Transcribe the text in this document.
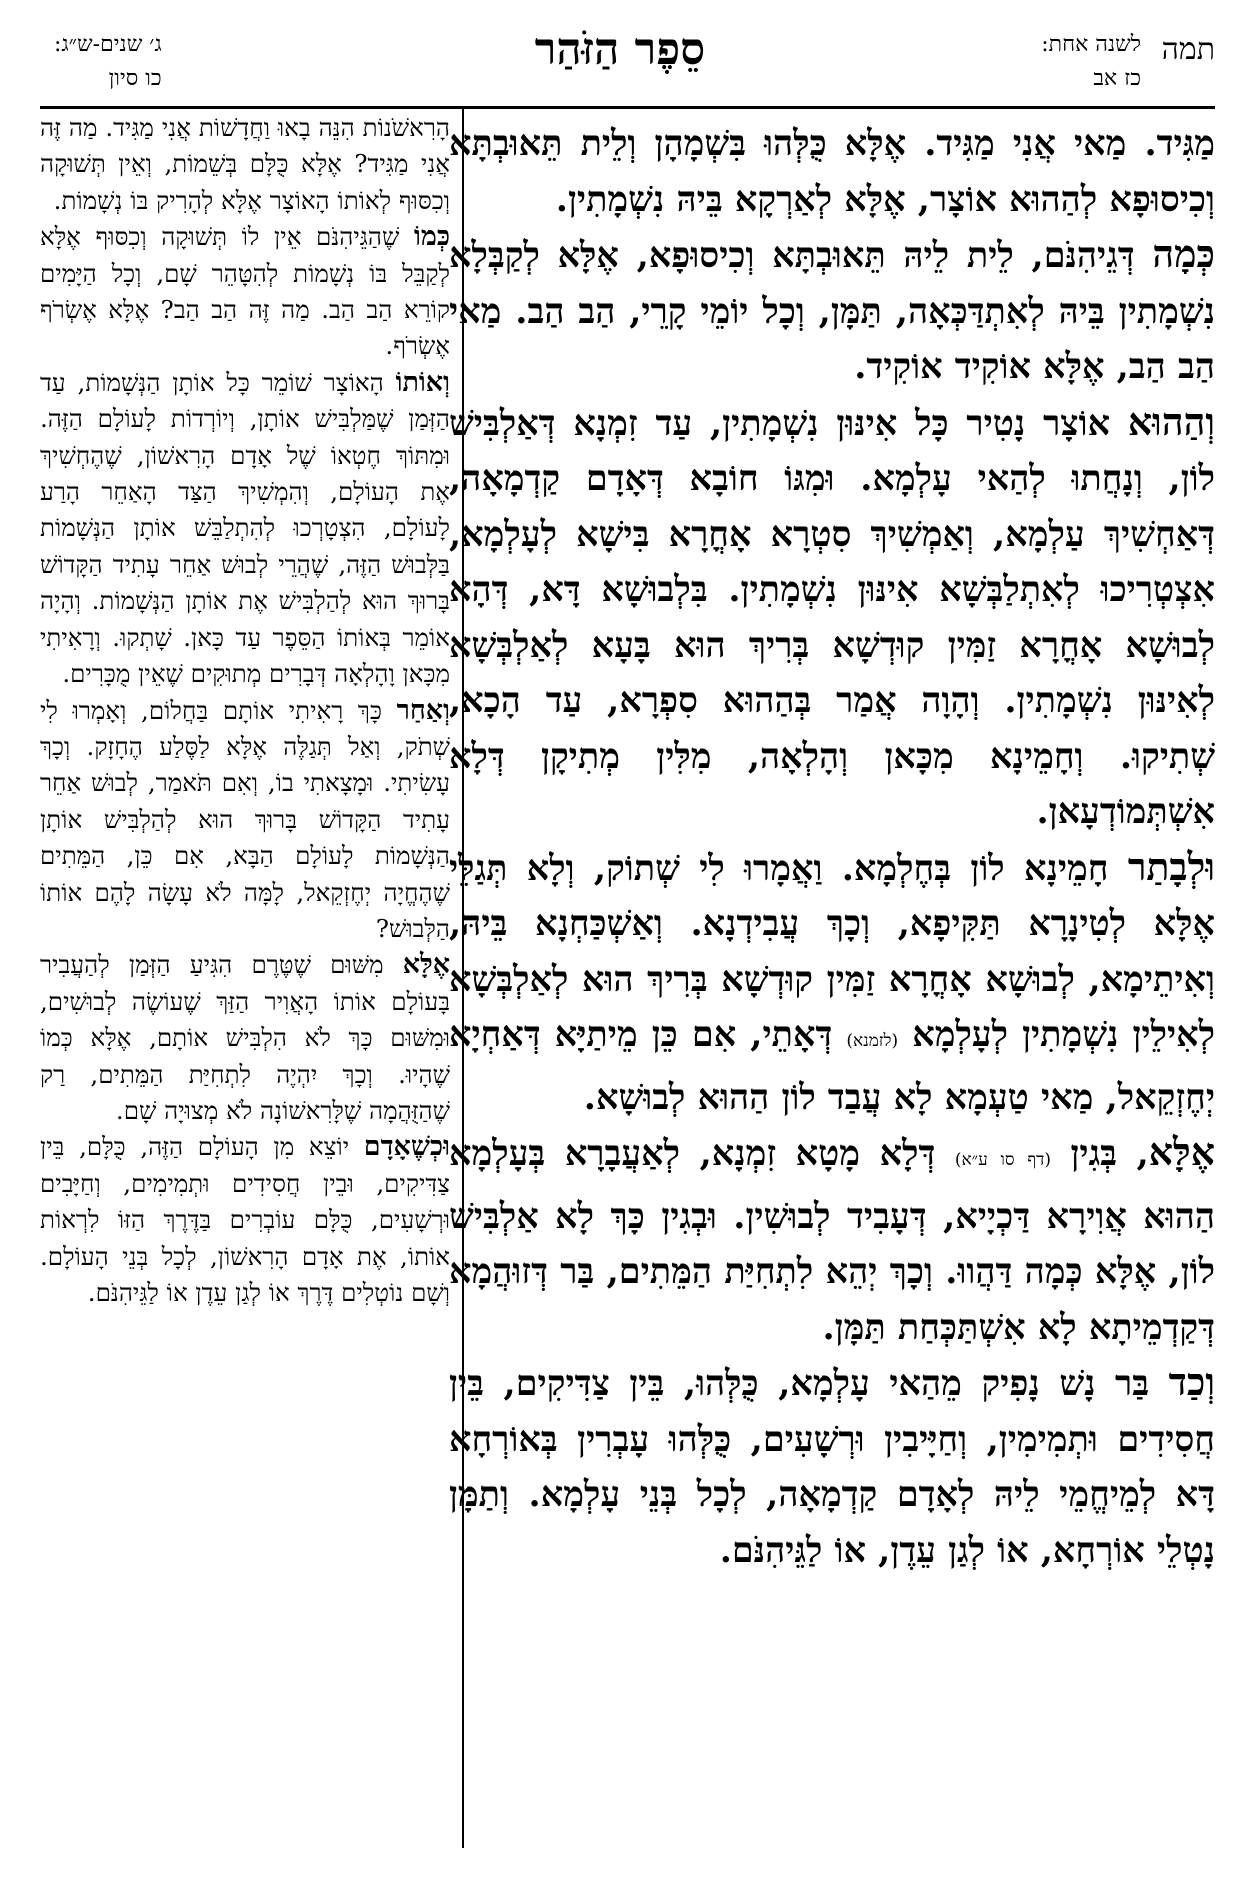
תמה
לשנה אחת:
כז אב
סֵפֶר הַזֹּהַר
ג׳ שנים-ש״ג:
כו סיון

מַגִּיד. מַאי אֲנִי מַגִּיד. אֶלָּא כֻּלְּהוּ בִּשְׁמָהָן וְלֵית תֵּאוּבְתָּא וְכִיסוּפָא לְהַהוּא אוֹצָר, אֶלָּא לְאַרְקָא בֵּיהּ נִשְׁמָתִין.

כְּמָה דְּגֵיהִנֹּם, לֵית לֵיהּ תֵּאוּבְתָּא וְכִיסוּפָא, אֶלָּא לְקַבְּלָא נִשְׁמָתִין בֵּיהּ לְאִתְדַּכְּאָה, תַּמָּן, וְכָל יוֹמֵי קָרֵי, הַב הַב. מַאי הַב הַב, אֶלָּא אוֹקִיד אוֹקִיד.

וְהַהוּא אוֹצָר נָטִיר כָּל אִינּוּן נִשְׁמָתִין, עַד זִמְנָא דְּאַלְבִּישׁ לוֹן, וְנָחֲתוּ לְהַאי עָלְמָא. וּמִגּוֹ חוֹבָא דְּאָדָם קַדְמָאָה, דְּאַחְשִׁיךְ עַלְמָא, וְאַמְשִׁיךְ סִטְרָא אָחֳרָא בִּישָׁא לְעָלְמָא, אִצְטְרִיכוּ לְאִתְלַבְּשָׁא אִינּוּן נִשְׁמָתִין. בִּלְבוּשָׁא דָּא, דְּהָא לְבוּשָׁא אָחֳרָא זַמִּין קוּדְשָׁא בְּרִיךְ הוּא בָּעָא לְאַלְבְּשָׁא לְאִינּוּן נִשְׁמָתִין. וְהָוָה אֲמַר בְּהַהוּא סִפְרָא, עַד הָכָא, שְׁתִיקוּ. וְחָמֵינָא מִכָּאן וְהָלְאָה, מִלִּין מְתִיקָן דְּלָא אִשְׁתְּמוֹדְעָאן.

וּלְבָתַר חָמֵינָא לוֹן בְּחֶלְמָא. וַאֲמָרוּ לִי שְׁתוֹק, וְלָא תְּגַלֵּי אֶלָּא לְטִינָרָא תַּקִּיפָא, וְכָךְ עֲבִידְנָא. וְאַשְׁכַּחְנָא בֵּיהּ, וְאִיתֵימָא, לְבוּשָׁא אָחֳרָא זַמִּין קוּדְשָׁא בְּרִיךְ הוּא לְאַלְבְּשָׁא לְאִילֵין נִשְׁמָתִין לְעָלְמָא (לזמנא) דְּאָתֵי, אִם כֵּן מֵיתַיָּא דְּאַחְיָא יְחֶזְקֵאל, מַאי טַעְמָא לָא עֲבַד לוֹן הַהוּא לְבוּשָׁא.

אֶלָּא, בְּגִין (דף סו ע״א) דְּלָא מָטָא זִמְנָא, לְאַעֲבָרָא בְּעָלְמָא הַהוּא אֲוִירָא דַּכְיָיא, דְּעָבִיד לְבוּשִׁין. וּבְגִין כָּךְ לָא אַלְבִּישׁ לוֹן, אֶלָּא כְּמָה דַּהֲווּ. וְכָךְ יְהֵא לִתְחִיַּת הַמֵּתִים, בַּר דְּזוּהֲמָא דְּקַדְמֵיתָא לָא אִשְׁתַּכְּחַת תַּמָּן.

וְכַד בַּר נָשׁ נָפִיק מֵהַאי עָלְמָא, כֻּלְּהוּ, בֵּין צַדִּיקִים, בֵּין חֲסִידִים וּתְמִימִין, וְחַיָּיבִין וּרְשָׁעִים, כֻּלְּהוּ עָבְרִין בְּאוֹרְחָא דָּא לְמֵיחֱמֵי לֵיהּ לְאָדָם קַדְמָאָה, לְכָל בְּנֵי עָלְמָא. וְתַמָּן נָטְלֵי אוֹרְחָא, אוֹ לְגַן עֵדֶן, אוֹ לַגֵּיהִנֹּם.

הָרִאשֹׁנוֹת הִנֵּה בָאוּ וַחֲדָשׁוֹת אֲנִי מַגִּיד. מַה זֶּה אֲנִי מַגִּיד? אֶלָּא כֻּלָּם בְּשֵׁמוֹת, וְאֵין תְּשׁוּקָה וְכִסּוּף לְאוֹתוֹ הָאוֹצָר אֶלָּא לְהָרִיק בּוֹ נְשָׁמוֹת.

כְּמוֹ שֶׁהַגֵּיהִנֹּם אֵין לוֹ תְּשׁוּקָה וְכִסּוּף אֶלָּא לְקַבֵּל בּוֹ נְשָׁמוֹת לְהִטָּהֵר שָׁם, וְכָל הַיָּמִים קוֹרֵא הַב הַב. מַה זֶּה הַב הַב? אֶלָּא אֶשְׂרֹף אֶשְׂרֹף.

וְאוֹתוֹ הָאוֹצָר שׁוֹמֵר כָּל אוֹתָן הַנְּשָׁמוֹת, עַד הַזְּמַן שֶׁמַּלְבִּישׁ אוֹתָן, וְיוֹרְדוֹת לָעוֹלָם הַזֶּה. וּמִתּוֹךְ חֶטְאוֹ שֶׁל אָדָם הָרִאשׁוֹן, שֶׁהֶחְשִׁיךְ אֶת הָעוֹלָם, וְהִמְשִׁיךְ הַצַּד הָאַחֵר הָרַע לָעוֹלָם, הִצְטָרְכוּ לְהִתְלַבֵּשׁ אוֹתָן הַנְּשָׁמוֹת בַּלְּבוּשׁ הַזֶּה, שֶׁהֲרֵי לְבוּשׁ אַחֵר עָתִיד הַקָּדוֹשׁ בָּרוּךְ הוּא לְהַלְבִּישׁ אֶת אוֹתָן הַנְּשָׁמוֹת. וְהָיָה אוֹמֵר בְּאוֹתוֹ הַסֵּפֶר עַד כָּאן. שָׁתְקוּ. וְרָאִיתִי מִכָּאן וָהָלְאָה דְּבָרִים מְתוּקִים שֶׁאֵין מֻכָּרִים.

וְאַחַר כָּךְ רָאִיתִי אוֹתָם בַּחֲלוֹם, וְאָמְרוּ לִי שְׁתֹק, וְאַל תְּגַלֶּה אֶלָּא לַסֶּלַע הֶחָזָק. וְכָךְ עָשִׂיתִי. וּמָצָאתִי בוֹ, וְאִם תֹּאמַר, לְבוּשׁ אַחֵר עָתִיד הַקָּדוֹשׁ בָּרוּךְ הוּא לְהַלְבִּישׁ אוֹתָן הַנְּשָׁמוֹת לָעוֹלָם הַבָּא, אִם כֵּן, הַמֵּתִים שֶׁהֶחֱיָה יְחֶזְקֵאל, לָמָּה לֹא עָשָׂה לָהֶם אוֹתוֹ הַלְּבוּשׁ?

אֶלָּא מִשּׁוּם שֶׁטֶּרֶם הִגִּיעַ הַזְּמַן לְהַעֲבִיר בָּעוֹלָם אוֹתוֹ הָאֲוִיר הַזַּךְ שֶׁעוֹשֶׂה לְבוּשִׁים, וּמִשּׁוּם כָּךְ לֹא הִלְבִּישׁ אוֹתָם, אֶלָּא כְּמוֹ שֶׁהָיוּ. וְכָךְ יִהְיֶה לִתְחִיַּת הַמֵּתִים, רַק שֶׁהַזֻּהֲמָה שֶׁלָּרִאשׁוֹנָה לֹא מְצוּיָה שָׁם.

וּכְשֶׁאָדָם יוֹצֵא מִן הָעוֹלָם הַזֶּה, כֻּלָּם, בֵּין צַדִּיקִים, וּבֵין חֲסִידִים וּתְמִימִים, וְחַיָּבִים וּרְשָׁעִים, כֻּלָּם עוֹבְרִים בַּדֶּרֶךְ הַזּוֹ לִרְאוֹת אוֹתוֹ, אֶת אָדָם הָרִאשׁוֹן, לְכָל בְּנֵי הָעוֹלָם. וְשָׁם נוֹטְלִים דֶּרֶךְ אוֹ לְגַן עֵדֶן אוֹ לַגֵּיהִנֹּם.
